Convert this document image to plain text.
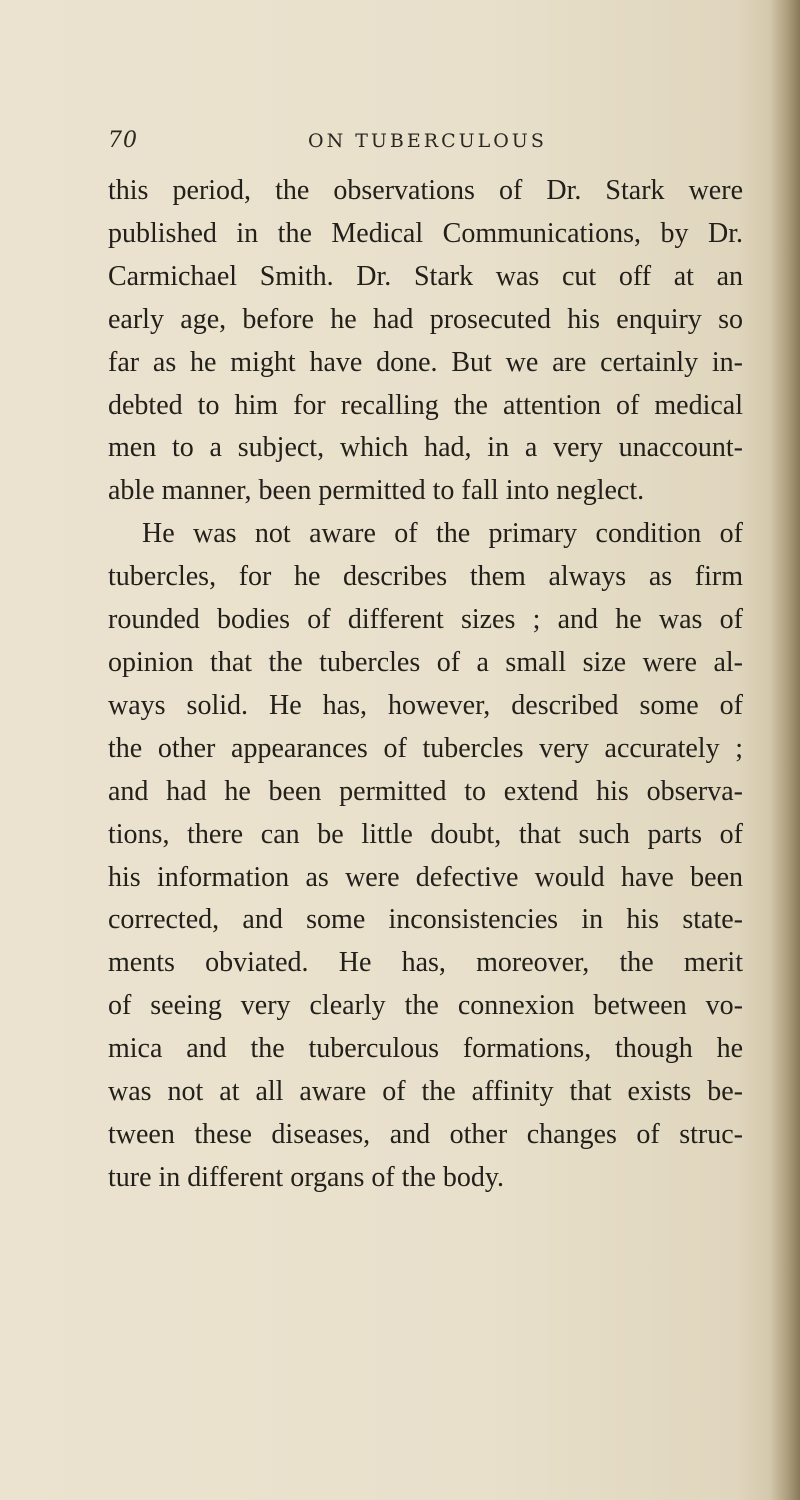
70	ON TUBERCULOUS
this period, the observations of Dr. Stark were
published in the Medical Communications, by Dr.
Carmichael Smith. Dr. Stark was cut off at an
early age, before he had prosecuted his enquiry so
far as he might have done. But we are certainly in-
debted to him for recalling the attention of medical
men to a subject, which had, in a very unaccount-
able manner, been permitted to fall into neglect.
He was not aware of the primary condition of
tubercles, for he describes them always as firm
rounded bodies of different sizes ; and he was of
opinion that the tubercles of a small size were al-
ways solid. He has, however, described some of
the other appearances of tubercles very accurately ;
and had he been permitted to extend his observa-
tions, there can be little doubt, that such parts of
his information as were defective would have been
corrected, and some inconsistencies in his state-
ments obviated. He has, moreover, the merit
of seeing very clearly the connexion between vo-
mica and the tuberculous formations, though he
was not at all aware of the affinity that exists be-
tween these diseases, and other changes of struc-
ture in different organs of the body.
